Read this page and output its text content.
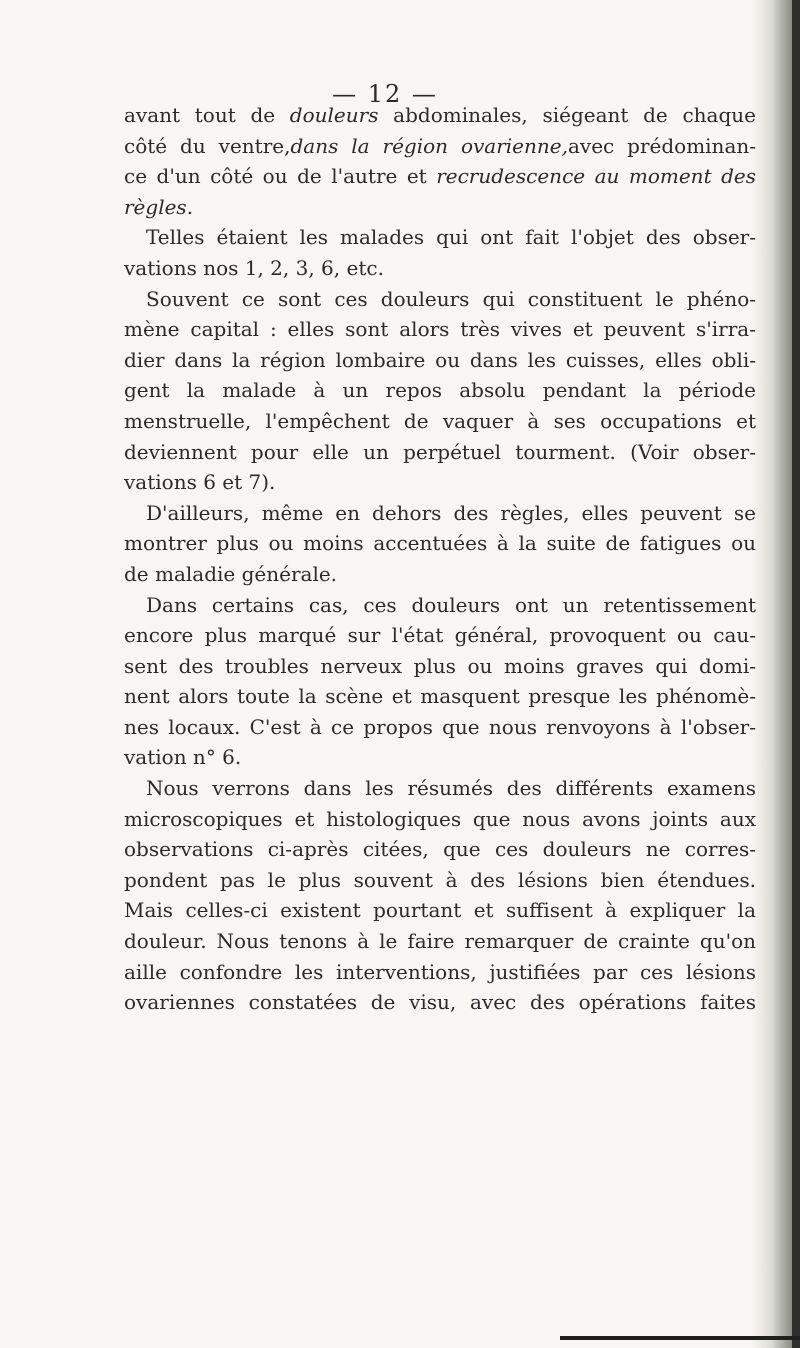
— 12 —
avant tout de douleurs abdominales, siégeant de chaque
côté du ventre,dans la région ovarienne,avec prédominan-
ce d'un côté ou de l'autre et recrudescence au moment des
règles.
Telles étaient les malades qui ont fait l'objet des obser-
vations nos 1, 2, 3, 6, etc.
Souvent ce sont ces douleurs qui constituent le phéno-
mène capital : elles sont alors très vives et peuvent s'irra-
dier dans la région lombaire ou dans les cuisses, elles obli-
gent la malade à un repos absolu pendant la période
menstruelle, l'empêchent de vaquer à ses occupations et
deviennent pour elle un perpétuel tourment. (Voir obser-
vations 6 et 7).
D'ailleurs, même en dehors des règles, elles peuvent se
montrer plus ou moins accentuées à la suite de fatigues ou
de maladie générale.
Dans certains cas, ces douleurs ont un retentissement
encore plus marqué sur l'état général, provoquent ou cau-
sent des troubles nerveux plus ou moins graves qui domi-
nent alors toute la scène et masquent presque les phénomè-
nes locaux. C'est à ce propos que nous renvoyons à l'obser-
vation n° 6.
Nous verrons dans les résumés des différents examens
microscopiques et histologiques que nous avons joints aux
observations ci-après citées, que ces douleurs ne corres-
pondent pas le plus souvent à des lésions bien étendues.
Mais celles-ci existent pourtant et suffisent à expliquer la
douleur. Nous tenons à le faire remarquer de crainte qu'on
aille confondre les interventions, justifiées par ces lésions
ovariennes constatées de visu, avec des opérations faites
